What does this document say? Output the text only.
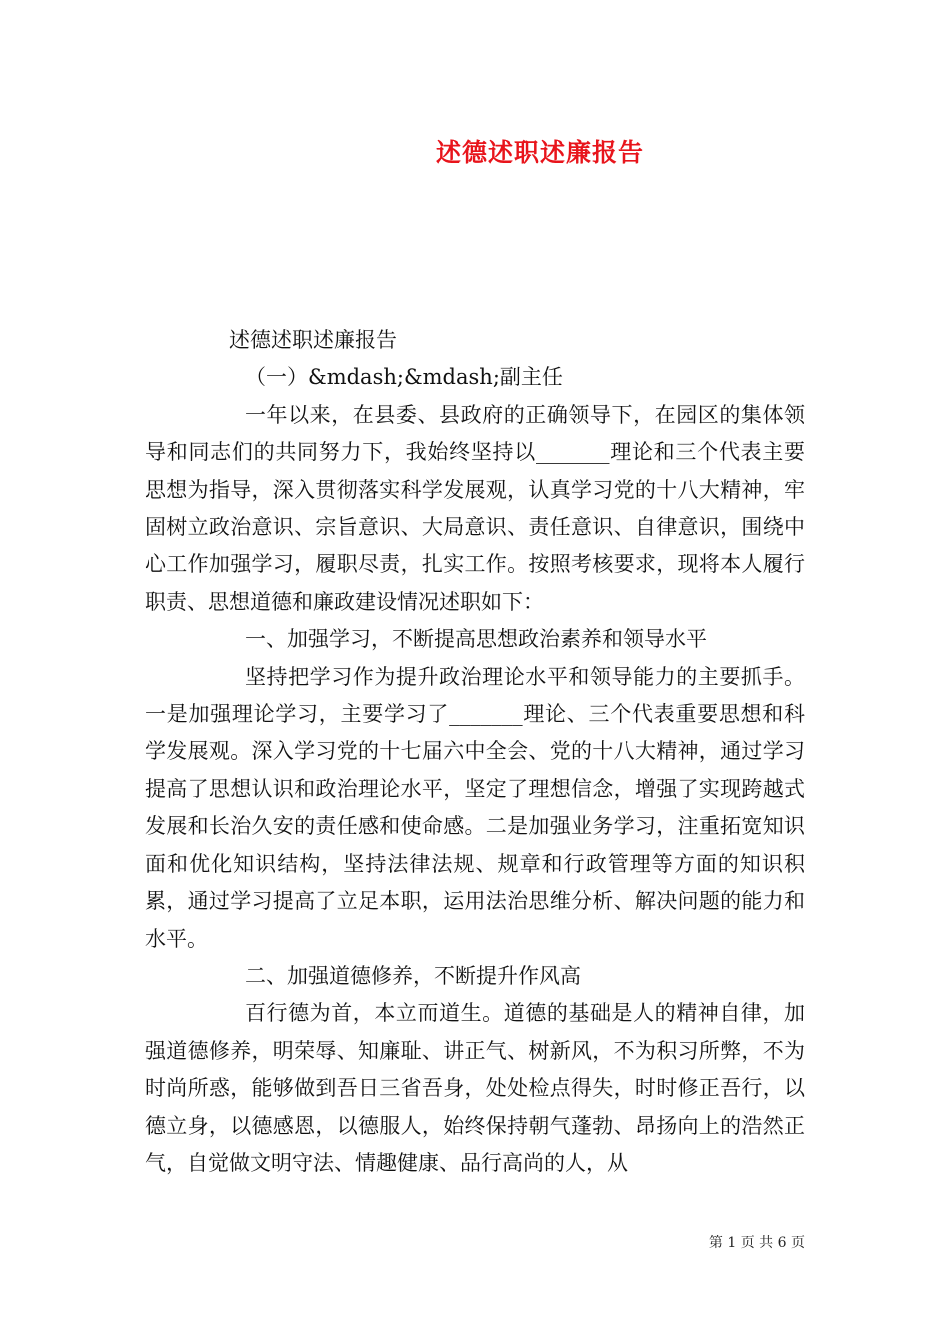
述德述职述廉报告

述德述职述廉报告

（一）&mdash;&mdash;副主任

一年以来，在县委、县政府的正确领导下，在园区的集体领导和同志们的共同努力下，我始终坚持以_______理论和三个代表主要思想为指导，深入贯彻落实科学发展观，认真学习党的十八大精神，牢固树立政治意识、宗旨意识、大局意识、责任意识、自律意识，围绕中心工作加强学习，履职尽责，扎实工作。按照考核要求，现将本人履行职责、思想道德和廉政建设情况述职如下：

一、加强学习，不断提高思想政治素养和领导水平

坚持把学习作为提升政治理论水平和领导能力的主要抓手。一是加强理论学习，主要学习了_______理论、三个代表重要思想和科学发展观。深入学习党的十七届六中全会、党的十八大精神，通过学习提高了思想认识和政治理论水平，坚定了理想信念，增强了实现跨越式发展和长治久安的责任感和使命感。二是加强业务学习，注重拓宽知识面和优化知识结构，坚持法律法规、规章和行政管理等方面的知识积累，通过学习提高了立足本职，运用法治思维分析、解决问题的能力和水平。

二、加强道德修养，不断提升作风高

百行德为首，本立而道生。道德的基础是人的精神自律，加强道德修养，明荣辱、知廉耻、讲正气、树新风，不为积习所弊，不为时尚所惑，能够做到吾日三省吾身，处处检点得失，时时修正吾行，以德立身，以德感恩，以德服人，始终保持朝气蓬勃、昂扬向上的浩然正气，自觉做文明守法、情趣健康、品行高尚的人，从

第 1 页 共 6 页
